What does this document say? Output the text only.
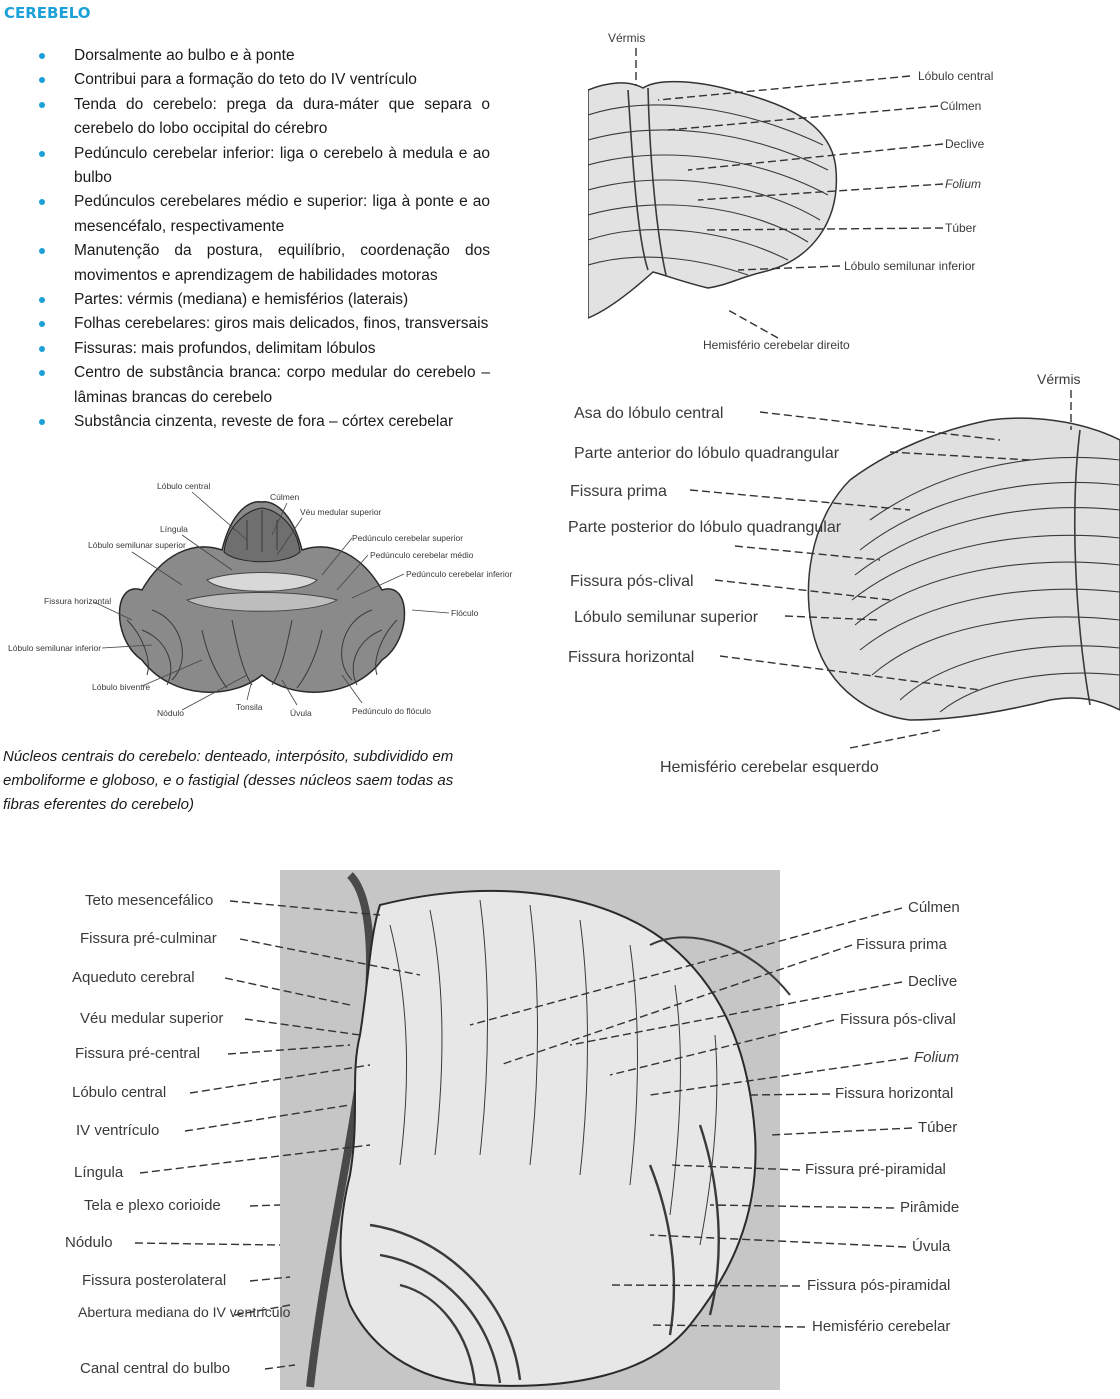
CEREBELO
Dorsalmente ao bulbo e à ponte
Contribui para a formação do teto do IV ventrículo
Tenda do cerebelo: prega da dura-máter que separa o cerebelo do lobo occipital do cérebro
Pedúnculo cerebelar inferior: liga o cerebelo à medula e ao bulbo
Pedúnculos cerebelares médio e superior: liga à ponte e ao mesencéfalo, respectivamente
Manutenção da postura, equilíbrio, coordenação dos movimentos e aprendizagem de habilidades motoras
Partes: vérmis (mediana) e hemisférios (laterais)
Folhas cerebelares: giros mais delicados, finos, transversais
Fissuras: mais profundos, delimitam lóbulos
Centro de substância branca: corpo medular do cerebelo – lâminas brancas do cerebelo
Substância cinzenta, reveste de fora – córtex cerebelar
Lóbulo central
Cúlmen
Véu medular superior
Língula
Lóbulo semilunar superior
Pedúnculo cerebelar superior
Pedúnculo cerebelar médio
Pedúnculo cerebelar inferior
Fissura horizontal
Flóculo
Lóbulo semilunar inferior
Lóbulo biventre
Nódulo
Tonsila
Úvula	Pedúnculo do flóculo
Núcleos centrais do cerebelo: denteado, interpósito, subdividido em emboliforme e globoso, e o fastigial (desses núcleos saem todas as fibras eferentes do cerebelo)
Vérmis
Lóbulo central
Cúlmen
Declive
Folium
Túber
Lóbulo semilunar inferior
Hemisfério cerebelar direito
Vérmis
Asa do lóbulo central
Parte anterior do lóbulo quadrangular
Fissura prima
Parte posterior do lóbulo quadrangular
Fissura pós-clival
Lóbulo semilunar superior
Fissura horizontal
Hemisfério cerebelar esquerdo
Teto mesencefálico
Fissura pré-culminar
Aqueduto cerebral
Véu medular superior
Fissura pré-central
Lóbulo central
IV ventrículo
Língula
Tela e plexo corioide
Nódulo
Fissura posterolateral
Abertura mediana do IV ventrículo
Canal central do bulbo
Cúlmen
Fissura prima
Declive
Fissura pós-clival
Folium
Fissura horizontal
Túber
Fissura pré-piramidal
Pirâmide
Úvula
Fissura pós-piramidal
Hemisfério cerebelar
